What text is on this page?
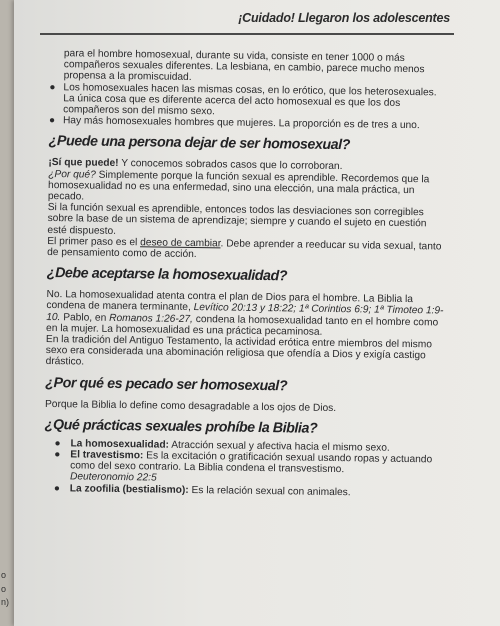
o
o
n)
¡Cuidado! Llegaron los adolescentes

para el hombre homosexual, durante su vida, consiste en tener 1000 o más compañeros sexuales diferentes. La lesbiana, en cambio, parece mucho menos propensa a la promiscuidad.

● Los homosexuales hacen las mismas cosas, en lo erótico, que los heterosexuales. La única cosa que es diferente acerca del acto homosexual es que los dos compañeros son del mismo sexo.
● Hay más homosexuales hombres que mujeres. La proporción es de tres a uno.
¿Puede una persona dejar de ser homosexual?

¡Sí que puede! Y conocemos sobrados casos que lo corroboran.

¿Por qué? Simplemente porque la función sexual es aprendible. Recordemos que la homosexualidad no es una enfermedad, sino una elección, una mala práctica, un pecado.

Si la función sexual es aprendible, entonces todos las desviaciones son corregibles sobre la base de un sistema de aprendizaje; siempre y cuando el sujeto en cuestión esté dispuesto.

El primer paso es el deseo de cambiar. Debe aprender a reeducar su vida sexual, tanto de pensamiento como de acción.

¿Debe aceptarse la homosexualidad?

No. La homosexualidad atenta contra el plan de Dios para el hombre. La Biblia la condena de manera terminante, Levítico 20:13 y 18:22; 1ª Corintios 6:9; 1ª Timoteo 1:9-10. Pablo, en Romanos 1:26-27, condena la homosexualidad tanto en el hombre como en la mujer. La homosexualidad es una práctica pecaminosa.

En la tradición del Antiguo Testamento, la actividad erótica entre miembros del mismo sexo era considerada una abominación religiosa que ofendía a Dios y exigía castigo drástico.

¿Por qué es pecado ser homosexual?

Porque la Biblia lo define como desagradable a los ojos de Dios.

¿Qué prácticas sexuales prohíbe la Biblia?
● La homosexualidad: Atracción sexual y afectiva hacia el mismo sexo.
● El travestismo: Es la excitación o gratificación sexual usando ropas y actuando como del sexo contrario. La Biblia condena el transvestismo.
Deuteronomio 22:5
● La zoofilia (bestialismo): Es la relación sexual con animales.
